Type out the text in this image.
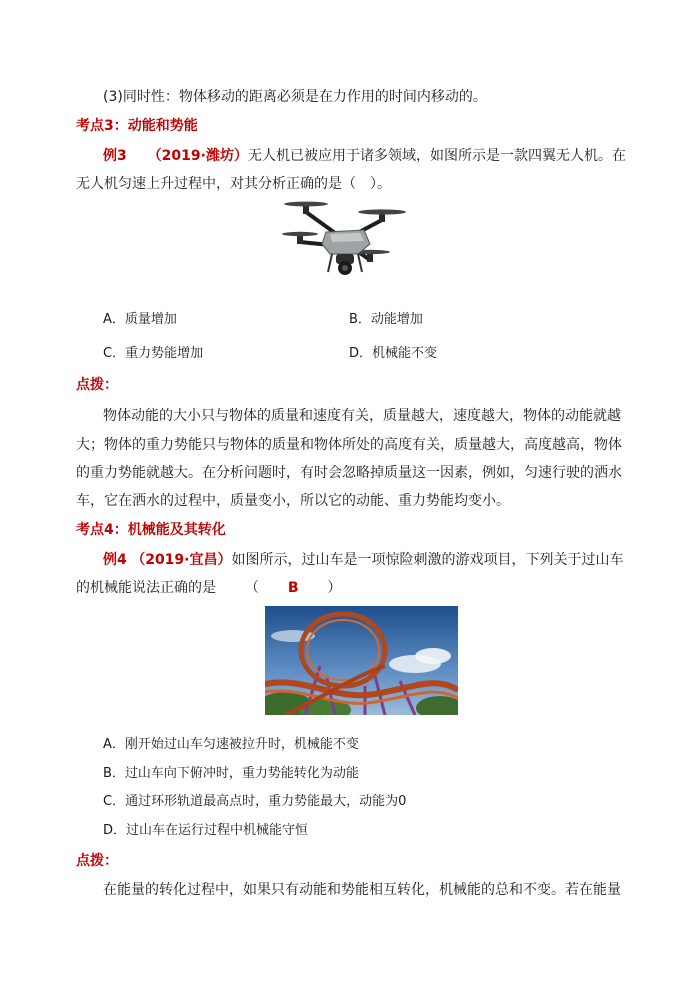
(3)同时性：物体移动的距离必须是在力作用的时间内移动的。
考点3：动能和势能
例3 （2019·潍坊）无人机已被应用于诸多领域，如图所示是一款四翼无人机。在
无人机匀速上升过程中，对其分析正确的是（　）。
A．质量增加	B．动能增加
C．重力势能增加	D．机械能不变
点拨：
物体动能的大小只与物体的质量和速度有关，质量越大，速度越大，物体的动能就越
大；物体的重力势能只与物体的质量和物体所处的高度有关，质量越大，高度越高，物体
的重力势能就越大。在分析问题时，有时会忽略掉质量这一因素，例如，匀速行驶的洒水
车，它在洒水的过程中，质量变小，所以它的动能、重力势能均变小。
考点4：机械能及其转化
例4 （2019·宜昌）如图所示，过山车是一项惊险刺激的游戏项目，下列关于过山车
的机械能说法正确的是 （ B ）
A．刚开始过山车匀速被拉升时，机械能不变
B．过山车向下俯冲时，重力势能转化为动能
C．通过环形轨道最高点时，重力势能最大，动能为0
D．过山车在运行过程中机械能守恒
点拨：
在能量的转化过程中，如果只有动能和势能相互转化，机械能的总和不变。若在能量
